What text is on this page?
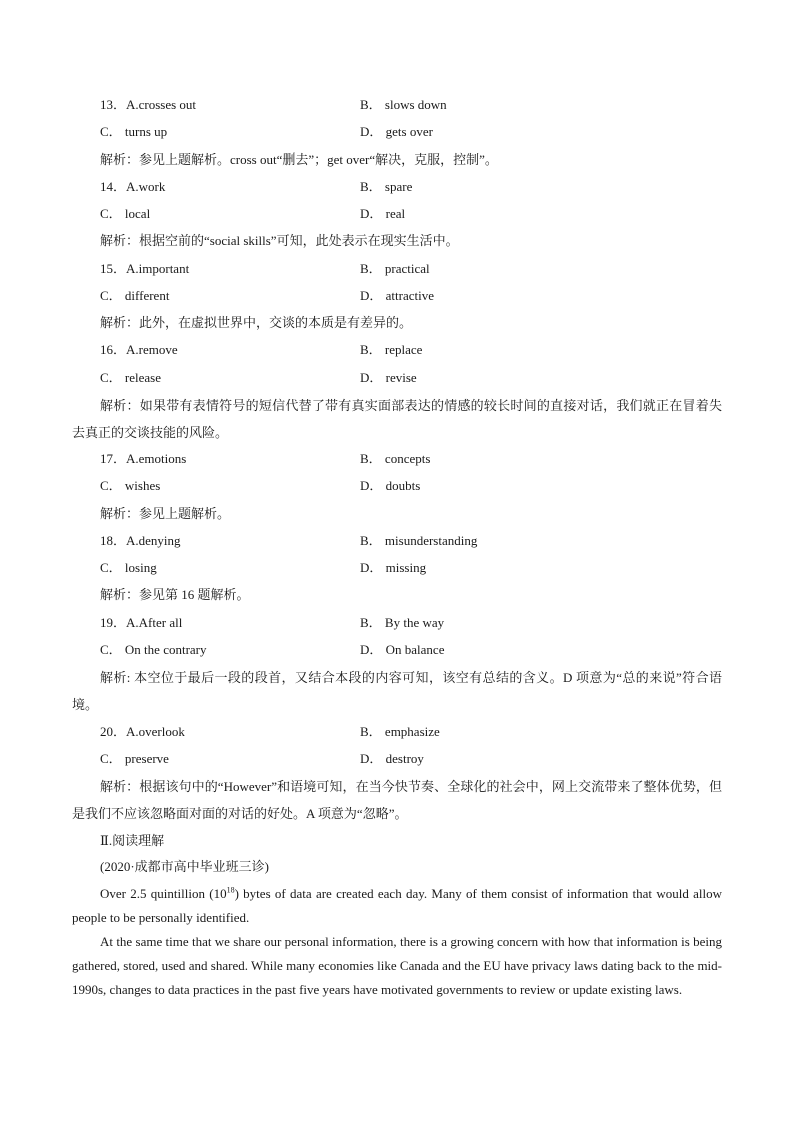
13．A.crosses out	B． slows down
C． turns up	D． gets over
解析：参见上题解析。cross out“删去”；get over“解决，克服，控制”。
14．A.work	B． spare
C． local	D． real
解析：根据空前的“social skills”可知，此处表示在现实生活中。
15．A.important	B． practical
C． different	D． attractive
解析：此外，在虚拟世界中，交谈的本质是有差异的。
16．A.remove	B． replace
C． release	D． revise
解析：如果带有表情符号的短信代替了带有真实面部表达的情感的较长时间的直接对话，我们就正在冒着失去真正的交谈技能的风险。
17．A.emotions	B． concepts
C． wishes	D． doubts
解析：参见上题解析。
18．A.denying	B． misunderstanding
C． losing	D． missing
解析：参见第 16 题解析。
19．A.After all	B． By the way
C． On the contrary	D． On balance
解析: 本空位于最后一段的段首，又结合本段的内容可知，该空有总结的含义。D 项意为“总的来说”符合语境。
20．A.overlook	B． emphasize
C． preserve	D． destroy
解析：根据该句中的“However”和语境可知，在当今快节奏、全球化的社会中，网上交流带来了整体优势，但是我们不应该忽略面对面的对话的好处。A 项意为“忽略”。
Ⅱ.阅读理解
(2020·成都市高中毕业班三诊)
Over 2.5 quintillion $(10^{18})$ bytes of data are created each day. Many of them consist of information that would allow people to be personally identified.
At the same time that we share our personal information, there is a growing concern with how that information is being gathered, stored, used and shared. While many economies like Canada and the EU have privacy laws dating back to the mid-1990s, changes to data practices in the past five years have motivated governments to review or update existing laws.
